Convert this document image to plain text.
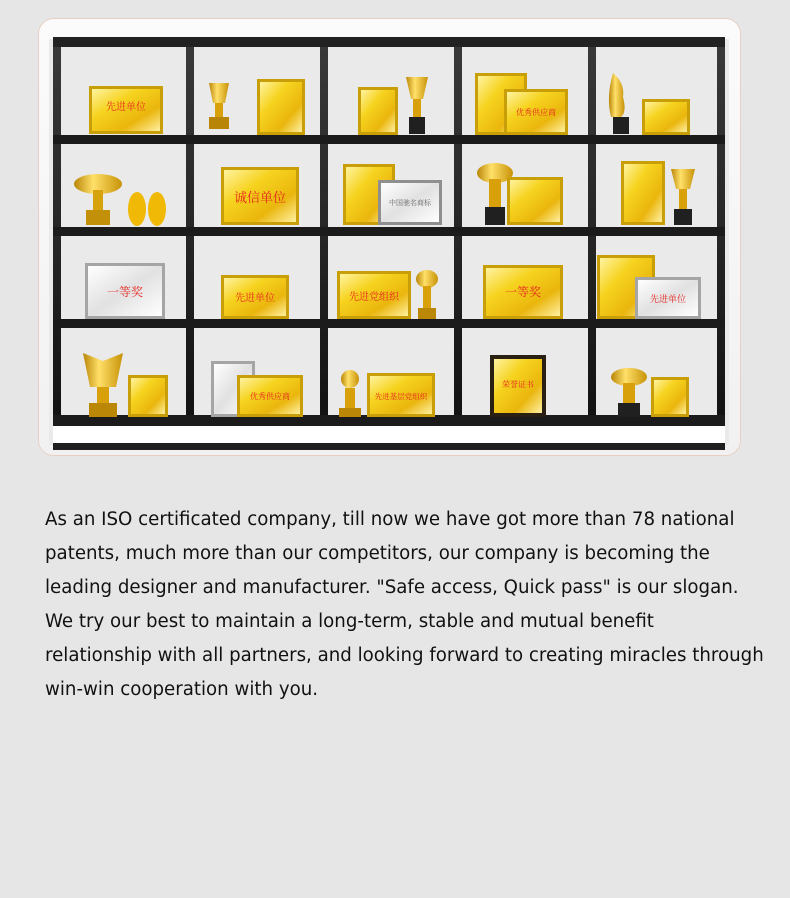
先进单位	优秀供应商
诚信单位	中国驰名商标
一等奖	先进单位	先进党组织	一等奖
先进单位
优秀供应商	先进基层党组织
荣誉证书

As an ISO certificated company, till now we have got more than 78 national patents, much more than our competitors, our company is becoming the leading designer and manufacturer. "Safe access, Quick pass" is our slogan. We try our best to maintain a long-term, stable and mutual benefit relationship with all partners, and looking forward to creating miracles through win-win cooperation with you.
